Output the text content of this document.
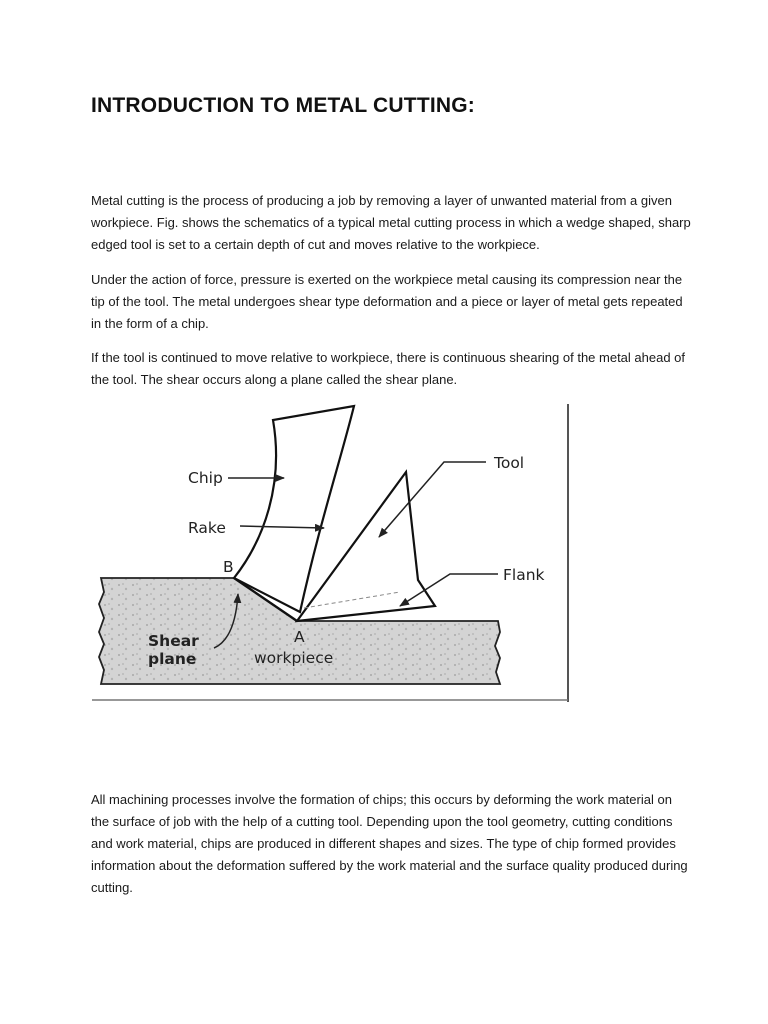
INTRODUCTION TO METAL CUTTING:

Metal cutting is the process of producing a job by removing a layer of unwanted material from a given workpiece. Fig. shows the schematics of a typical metal cutting process in which a wedge shaped, sharp edged tool is set to a certain depth of cut and moves relative to the workpiece.

Under the action of force, pressure is exerted on the workpiece metal causing its compression near the tip of the tool. The metal undergoes shear type deformation and a piece or layer of metal gets repeated in the form of a chip.

If the tool is continued to move relative to workpiece, there is continuous shearing of the metal ahead of the tool. The shear occurs along a plane called the shear plane.

Chip
Rake
Tool
Flank
B
A
Shear
plane	workpiece

All machining processes involve the formation of chips; this occurs by deforming the work material on the surface of job with the help of a cutting tool. Depending upon the tool geometry, cutting conditions and work material, chips are produced in different shapes and sizes. The type of chip formed provides information about the deformation suffered by the work material and the surface quality produced during cutting.
